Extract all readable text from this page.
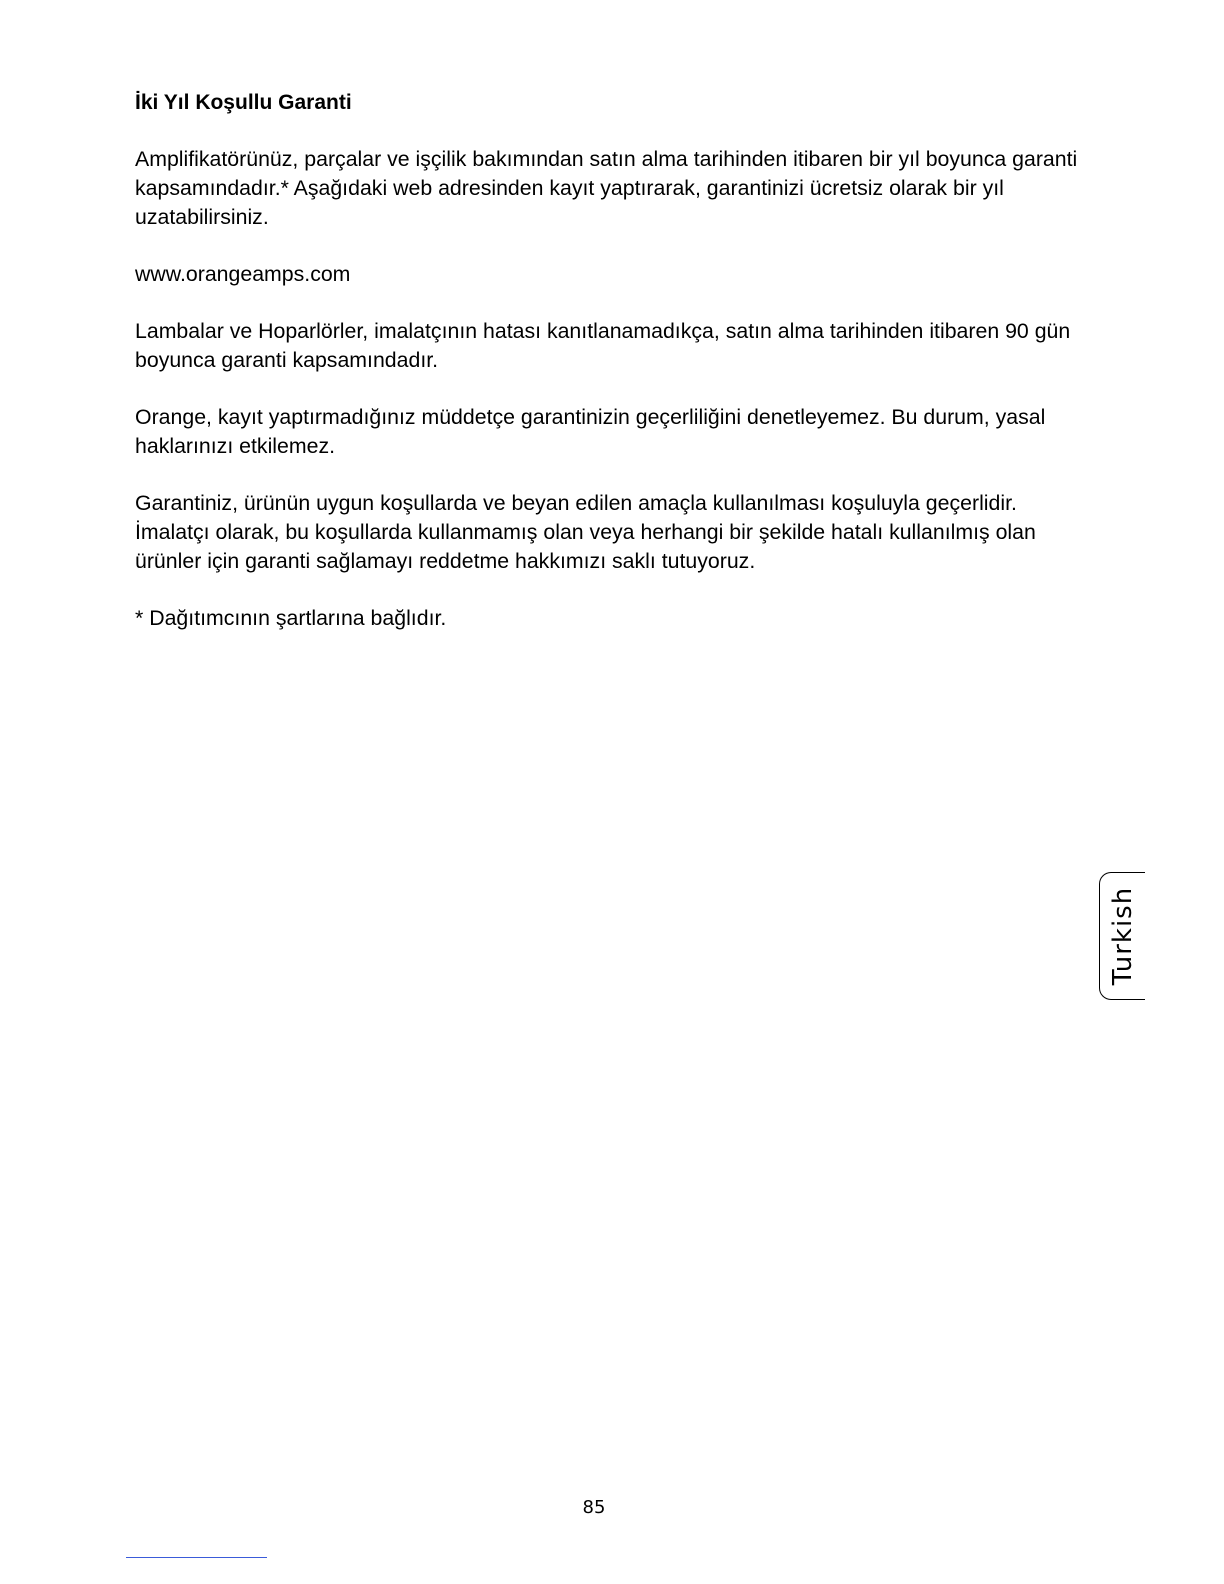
İki Yıl Koşullu Garanti

Amplifikatörünüz, parçalar ve işçilik bakımından satın alma tarihinden itibaren bir yıl boyunca garanti kapsamındadır.* Aşağıdaki web adresinden kayıt yaptırarak, garantinizi ücretsiz olarak bir yıl uzatabilirsiniz.

www.orangeamps.com

Lambalar ve Hoparlörler, imalatçının hatası kanıtlanamadıkça, satın alma tarihinden itibaren 90 gün boyunca garanti kapsamındadır.

Orange, kayıt yaptırmadığınız müddetçe garantinizin geçerliliğini denetleyemez. Bu durum, yasal haklarınızı etkilemez.

Garantiniz, ürünün uygun koşullarda ve beyan edilen amaçla kullanılması koşuluyla geçerlidir. İmalatçı olarak, bu koşullarda kullanmamış olan veya herhangi bir şekilde hatalı kullanılmış olan ürünler için garanti sağlamayı reddetme hakkımızı saklı tutuyoruz.

* Dağıtımcının şartlarına bağlıdır.

Turkish
85
